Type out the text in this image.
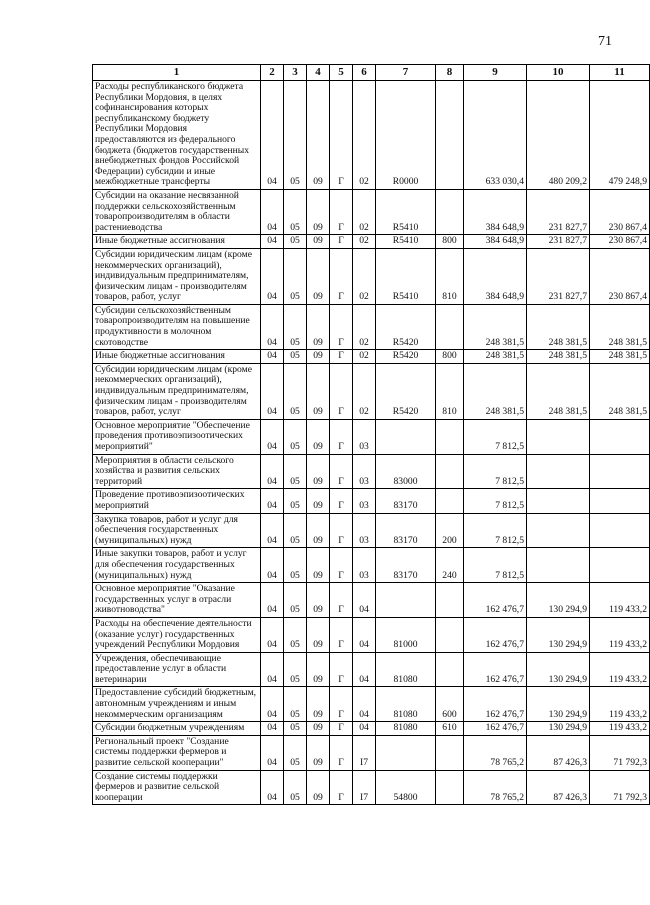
71
1	2	3	4	5	6	7	8	9	10	11
Расходы республиканского бюджета Республики Мордовия, в целях софинансирования которых республиканскому бюджету Республики Мордовия предоставляются из федерального бюджета (бюджетов государственных внебюджетных фондов Российской Федерации) субсидии и иные межбюджетные трансферты	04	05	09	Г	02	R0000		633 030,4	480 209,2	479 248,9
Субсидии на оказание несвязанной поддержки сельскохозяйственным товаропроизводителям в области растениеводства	04	05	09	Г	02	R5410		384 648,9	231 827,7	230 867,4
Иные бюджетные ассигнования	04	05	09	Г	02	R5410	800	384 648,9	231 827,7	230 867,4
Субсидии юридическим лицам (кроме некоммерческих организаций), индивидуальным предпринимателям, физическим лицам - производителям товаров, работ, услуг	04	05	09	Г	02	R5410	810	384 648,9	231 827,7	230 867,4
Субсидии сельскохозяйственным товаропроизводителям на повышение продуктивности в молочном скотоводстве	04	05	09	Г	02	R5420		248 381,5	248 381,5	248 381,5
Иные бюджетные ассигнования	04	05	09	Г	02	R5420	800	248 381,5	248 381,5	248 381,5
Субсидии юридическим лицам (кроме некоммерческих организаций), индивидуальным предпринимателям, физическим лицам - производителям товаров, работ, услуг	04	05	09	Г	02	R5420	810	248 381,5	248 381,5	248 381,5
Основное мероприятие "Обеспечение проведения противоэпизоотических мероприятий"	04	05	09	Г	03			7 812,5		
Мероприятия в области сельского хозяйства и развития сельских территорий	04	05	09	Г	03	83000		7 812,5		
Проведение противоэпизоотических мероприятий	04	05	09	Г	03	83170		7 812,5		
Закупка товаров, работ и услуг для обеспечения государственных (муниципальных) нужд	04	05	09	Г	03	83170	200	7 812,5		
Иные закупки товаров, работ и услуг для обеспечения государственных (муниципальных) нужд	04	05	09	Г	03	83170	240	7 812,5		
Основное мероприятие "Оказание государственных услуг в отрасли животноводства"	04	05	09	Г	04			162 476,7	130 294,9	119 433,2
Расходы на обеспечение деятельности (оказание услуг) государственных учреждений Республики Мордовия	04	05	09	Г	04	81000		162 476,7	130 294,9	119 433,2
Учреждения, обеспечивающие предоставление услуг в области ветеринарии	04	05	09	Г	04	81080		162 476,7	130 294,9	119 433,2
Предоставление субсидий бюджетным, автономным учреждениям и иным некоммерческим организациям	04	05	09	Г	04	81080	600	162 476,7	130 294,9	119 433,2
Субсидии бюджетным учреждениям	04	05	09	Г	04	81080	610	162 476,7	130 294,9	119 433,2
Региональный проект "Создание системы поддержки фермеров и развитие сельской кооперации"	04	05	09	Г	I7			78 765,2	87 426,3	71 792,3
Создание системы поддержки фермеров и развитие сельской кооперации	04	05	09	Г	I7	54800		78 765,2	87 426,3	71 792,3
